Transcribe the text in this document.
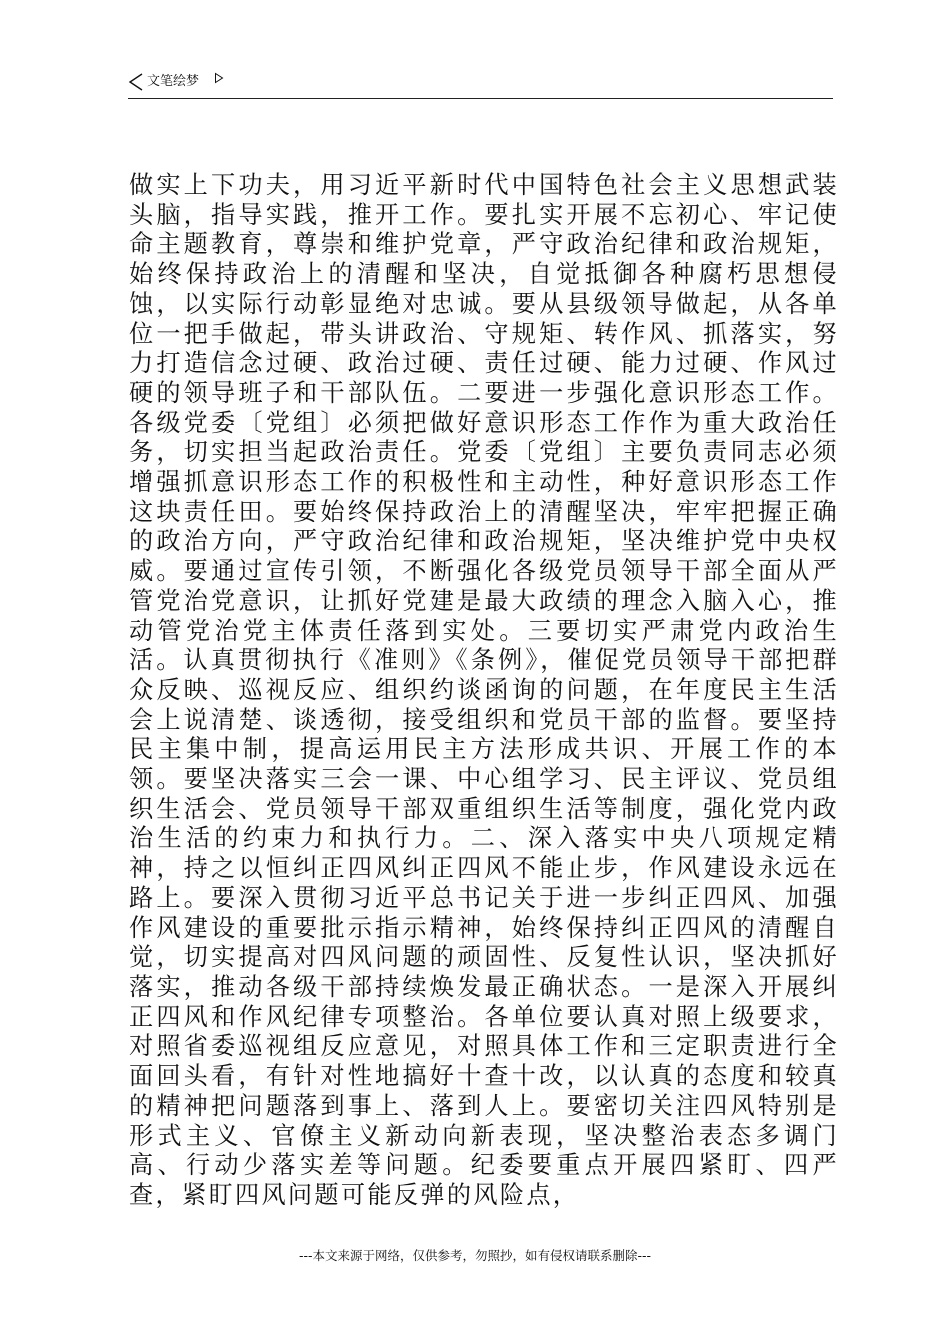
文笔绘梦

做实上下功夫，用习近平新时代中国特色社会主义思想武装头脑，指导实践，推开工作。要扎实开展不忘初心、牢记使命主题教育，尊崇和维护党章，严守政治纪律和政治规矩，始终保持政治上的清醒和坚决，自觉抵御各种腐朽思想侵蚀，以实际行动彰显绝对忠诚。要从县级领导做起，从各单位一把手做起，带头讲政治、守规矩、转作风、抓落实，努力打造信念过硬、政治过硬、责任过硬、能力过硬、作风过硬的领导班子和干部队伍。二要进一步强化意识形态工作。各级党委〔党组〕必须把做好意识形态工作作为重大政治任务，切实担当起政治责任。党委〔党组〕主要负责同志必须增强抓意识形态工作的积极性和主动性，种好意识形态工作这块责任田。要始终保持政治上的清醒坚决，牢牢把握正确的政治方向，严守政治纪律和政治规矩，坚决维护党中央权威。要通过宣传引领，不断强化各级党员领导干部全面从严管党治党意识，让抓好党建是最大政绩的理念入脑入心，推动管党治党主体责任落到实处。三要切实严肃党内政治生活。认真贯彻执行《准则》《条例》，催促党员领导干部把群众反映、巡视反应、组织约谈函询的问题，在年度民主生活会上说清楚、谈透彻，接受组织和党员干部的监督。要坚持民主集中制，提高运用民主方法形成共识、开展工作的本领。要坚决落实三会一课、中心组学习、民主评议、党员组织生活会、党员领导干部双重组织生活等制度，强化党内政治生活的约束力和执行力。二、深入落实中央八项规定精神，持之以恒纠正四风纠正四风不能止步，作风建设永远在路上。要深入贯彻习近平总书记关于进一步纠正四风、加强作风建设的重要批示指示精神，始终保持纠正四风的清醒自觉，切实提高对四风问题的顽固性、反复性认识，坚决抓好落实，推动各级干部持续焕发最正确状态。一是深入开展纠正四风和作风纪律专项整治。各单位要认真对照上级要求，对照省委巡视组反应意见，对照具体工作和三定职责进行全面回头看，有针对性地搞好十查十改，以认真的态度和较真的精神把问题落到事上、落到人上。要密切关注四风特别是形式主义、官僚主义新动向新表现，坚决整治表态多调门高、行动少落实差等问题。纪委要重点开展四紧盯、四严查，紧盯四风问题可能反弹的风险点，

---本文来源于网络，仅供参考，勿照抄，如有侵权请联系删除---
